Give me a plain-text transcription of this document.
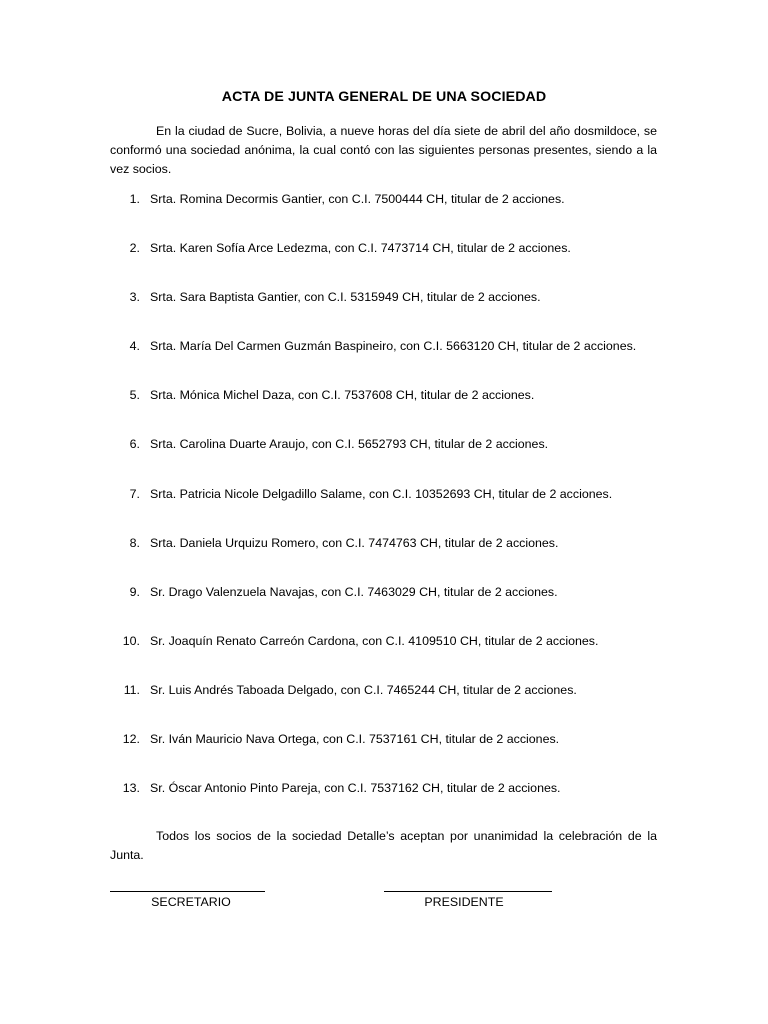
ACTA DE JUNTA GENERAL DE UNA SOCIEDAD

En la ciudad de Sucre, Bolivia, a nueve horas del día siete de abril del año dosmildoce, se conformó una sociedad anónima, la cual contó con las siguientes personas presentes, siendo a la vez socios.

1. Srta. Romina Decormis Gantier, con C.I. 7500444 CH, titular de 2 acciones.
2. Srta. Karen Sofía Arce Ledezma, con C.I. 7473714 CH, titular de 2 acciones.
3. Srta. Sara Baptista Gantier, con C.I. 5315949 CH, titular de 2 acciones.
4. Srta. María Del Carmen Guzmán Baspineiro, con C.I. 5663120 CH, titular de 2 acciones.
5. Srta. Mónica Michel Daza, con C.I. 7537608 CH, titular de 2 acciones.
6. Srta. Carolina Duarte Araujo, con C.I. 5652793 CH, titular de 2 acciones.
7. Srta. Patricia Nicole Delgadillo Salame, con C.I. 10352693 CH, titular de 2 acciones.
8. Srta. Daniela Urquizu Romero, con C.I. 7474763 CH, titular de 2 acciones.
9. Sr. Drago Valenzuela Navajas, con C.I. 7463029 CH, titular de 2 acciones.
10. Sr. Joaquín Renato Carreón Cardona, con C.I. 4109510 CH, titular de 2 acciones.
11. Sr. Luis Andrés Taboada Delgado, con C.I. 7465244 CH, titular de 2 acciones.
12. Sr. Iván Mauricio Nava Ortega, con C.I. 7537161 CH, titular de 2 acciones.
13. Sr. Óscar Antonio Pinto Pareja, con C.I. 7537162 CH, titular de 2 acciones.

Todos los socios de la sociedad Detalle’s aceptan por unanimidad la celebración de la Junta.

SECRETARIO	PRESIDENTE
